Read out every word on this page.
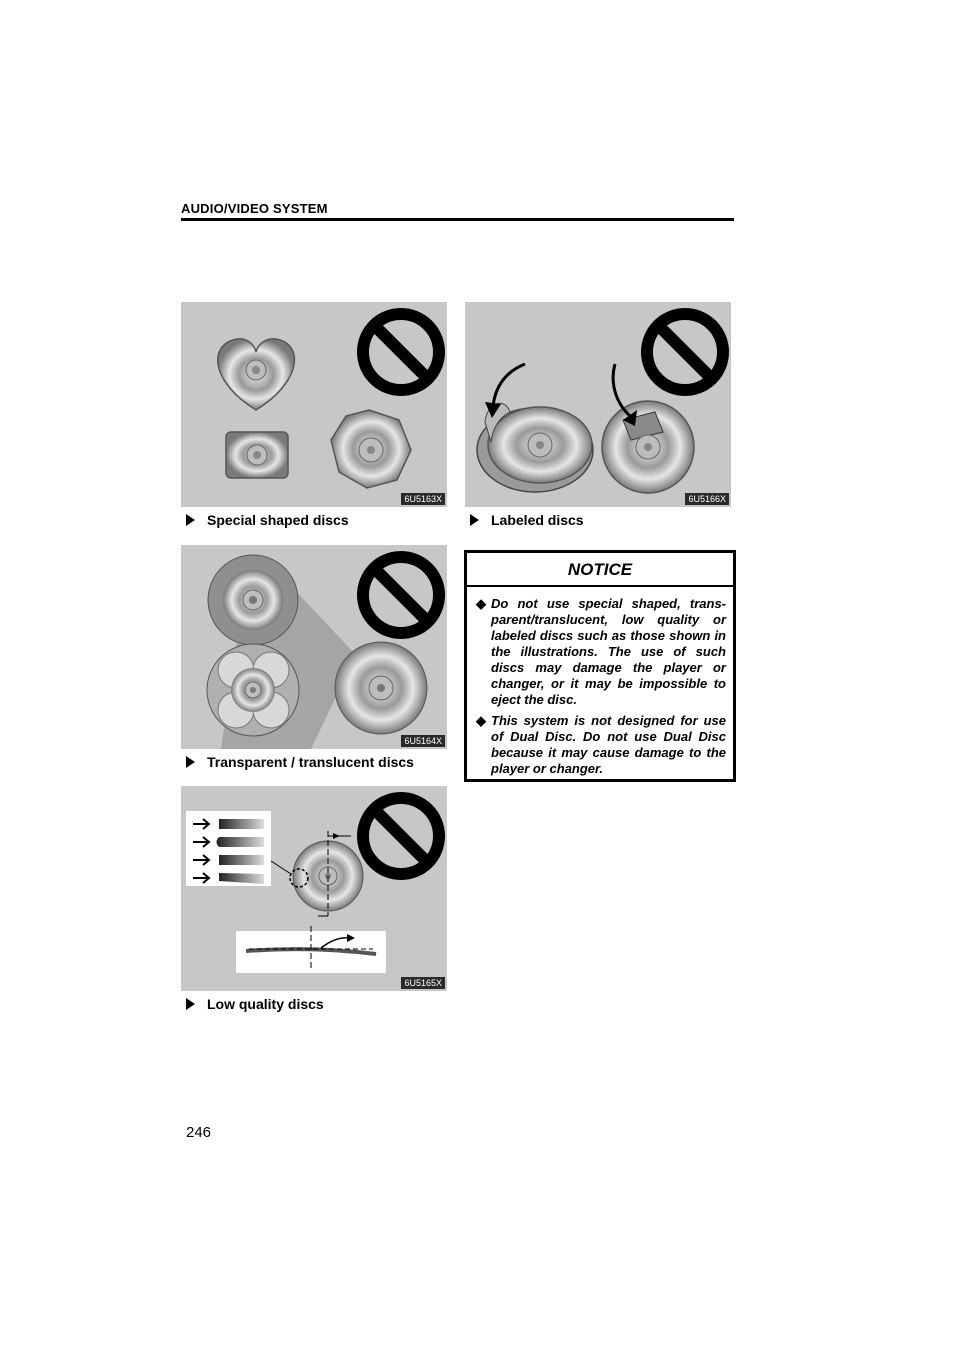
AUDIO/VIDEO SYSTEM
6U5163X
Special shaped discs
6U5166X
Labeled discs
6U5164X
Transparent / translucent discs
6U5165X
Low quality discs
NOTICE
◆ Do not use special shaped, trans-parent/translucent, low quality or labeled discs such as those shown in the illustrations. The use of such discs may damage the player or changer, or it may be impossible to eject the disc.
◆ This system is not designed for use of Dual Disc. Do not use Dual Disc because it may cause damage to the player or changer.
246
